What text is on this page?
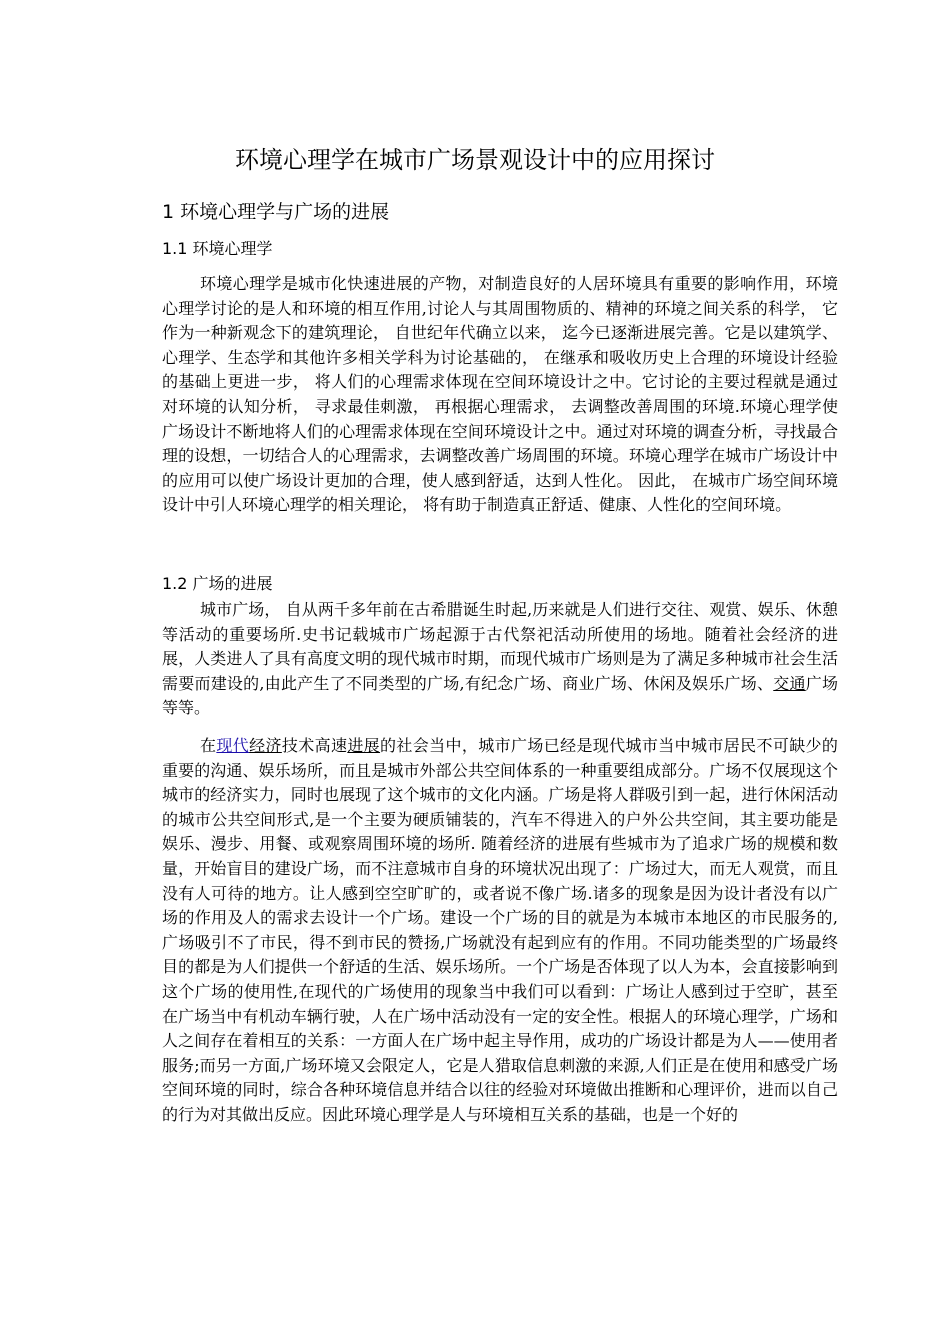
环境心理学在城市广场景观设计中的应用探讨
1 环境心理学与广场的进展
1.1 环境心理学

环境心理学是城市化快速进展的产物，对制造良好的人居环境具有重要的影响作用，环境心理学讨论的是人和环境的相互作用,讨论人与其周围物质的、精神的环境之间关系的科学， 它作为一种新观念下的建筑理论， 自世纪年代确立以来， 迄今已逐渐进展完善。它是以建筑学、心理学、生态学和其他许多相关学科为讨论基础的， 在继承和吸收历史上合理的环境设计经验的基础上更进一步， 将人们的心理需求体现在空间环境设计之中。它讨论的主要过程就是通过对环境的认知分析， 寻求最佳刺激， 再根据心理需求， 去调整改善周围的环境.环境心理学使广场设计不断地将人们的心理需求体现在空间环境设计之中。通过对环境的调查分析，寻找最合理的设想，一切结合人的心理需求，去调整改善广场周围的环境。环境心理学在城市广场设计中的应用可以使广场设计更加的合理，使人感到舒适，达到人性化。 因此， 在城市广场空间环境设计中引人环境心理学的相关理论， 将有助于制造真正舒适、健康、人性化的空间环境。

1.2 广场的进展

城市广场， 自从两千多年前在古希腊诞生时起,历来就是人们进行交往、观赏、娱乐、休憩等活动的重要场所.史书记载城市广场起源于古代祭祀活动所使用的场地。随着社会经济的进展，人类进人了具有高度文明的现代城市时期，而现代城市广场则是为了满足多种城市社会生活需要而建设的,由此产生了不同类型的广场,有纪念广场、商业广场、休闲及娱乐广场、交通广场等等。

在现代经济技术高速进展的社会当中，城市广场已经是现代城市当中城市居民不可缺少的重要的沟通、娱乐场所，而且是城市外部公共空间体系的一种重要组成部分。广场不仅展现这个城市的经济实力，同时也展现了这个城市的文化内涵。广场是将人群吸引到一起，进行休闲活动的城市公共空间形式,是一个主要为硬质铺装的，汽车不得进入的户外公共空间，其主要功能是娱乐、漫步、用餐、或观察周围环境的场所. 随着经济的进展有些城市为了追求广场的规模和数量，开始盲目的建设广场，而不注意城市自身的环境状况出现了：广场过大，而无人观赏，而且没有人可待的地方。让人感到空空旷旷的，或者说不像广场.诸多的现象是因为设计者没有以广场的作用及人的需求去设计一个广场。建设一个广场的目的就是为本城市本地区的市民服务的,广场吸引不了市民，得不到市民的赞扬,广场就没有起到应有的作用。不同功能类型的广场最终目的都是为人们提供一个舒适的生活、娱乐场所。一个广场是否体现了以人为本，会直接影响到这个广场的使用性,在现代的广场使用的现象当中我们可以看到：广场让人感到过于空旷，甚至在广场当中有机动车辆行驶，人在广场中活动没有一定的安全性。根据人的环境心理学，广场和人之间存在着相互的关系：一方面人在广场中起主导作用，成功的广场设计都是为人——使用者服务;而另一方面,广场环境又会限定人，它是人猎取信息刺激的来源,人们正是在使用和感受广场空间环境的同时，综合各种环境信息并结合以往的经验对环境做出推断和心理评价，进而以自己的行为对其做出反应。因此环境心理学是人与环境相互关系的基础，也是一个好的
